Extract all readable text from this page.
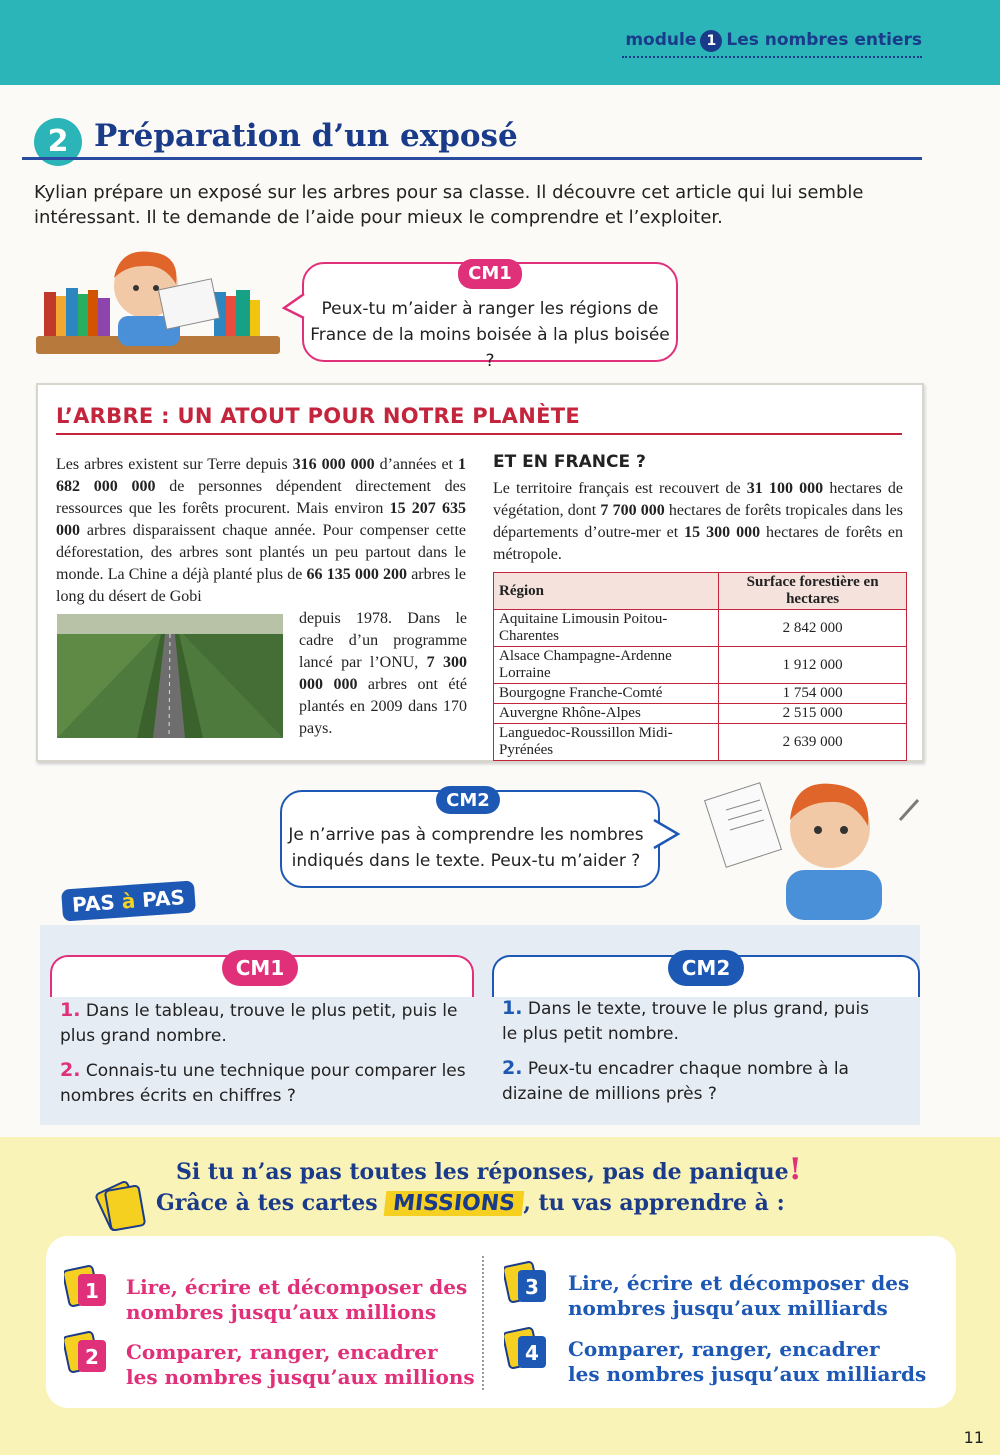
module 1 Les nombres entiers
2 Préparation d’un exposé
Kylian prépare un exposé sur les arbres pour sa classe. Il découvre cet article qui lui semble intéressant. Il te demande de l’aide pour mieux le comprendre et l’exploiter.
CM1
Peux-tu m’aider à ranger les régions de France de la moins boisée à la plus boisée ?
L’ARBRE : UN ATOUT POUR NOTRE PLANÈTE
Les arbres existent sur Terre depuis 316 000 000 d’années et 1 682 000 000 de personnes dépendent directement des ressources que les forêts procurent. Mais environ 15 207 635 000 arbres disparaissent chaque année. Pour compenser cette déforestation, des arbres sont plantés un peu partout dans le monde. La Chine a déjà planté plus de 66 135 000 200 arbres le long du désert de Gobi
depuis 1978. Dans le cadre d’un programme lancé par l’ONU, 7 300 000 000 arbres ont été plantés en 2009 dans 170 pays.
ET EN FRANCE ?
Le territoire français est recouvert de 31 100 000 hectares de végétation, dont 7 700 000 hectares de forêts tropicales dans les départements d’outre-mer et 15 300 000 hectares de forêts en métropole.
Région	Surface forestière en hectares
Aquitaine Limousin Poitou-Charentes	2 842 000
Alsace Champagne-Ardenne Lorraine	1 912 000
Bourgogne Franche-Comté	1 754 000
Auvergne Rhône-Alpes	2 515 000
Languedoc-Roussillon Midi-Pyrénées	2 639 000
CM2
Je n’arrive pas à comprendre les nombres indiqués dans le texte. Peux-tu m’aider ?
PAS à PAS
CM1	CM2
1. Dans le tableau, trouve le plus petit, puis le plus grand nombre.
2. Connais-tu une technique pour comparer les nombres écrits en chiffres ?
1. Dans le texte, trouve le plus grand, puis le plus petit nombre.
2. Peux-tu encadrer chaque nombre à la dizaine de millions près ?
Si tu n’as pas toutes les réponses, pas de panique!
Grâce à tes cartes MISSIONS , tu vas apprendre à :
1 Lire, écrire et décomposer des
nombres jusqu’aux millions
2 Comparer, ranger, encadrer
les nombres jusqu’aux millions
3 Lire, écrire et décomposer des
nombres jusqu’aux milliards
4 Comparer, ranger, encadrer
les nombres jusqu’aux milliards
11
